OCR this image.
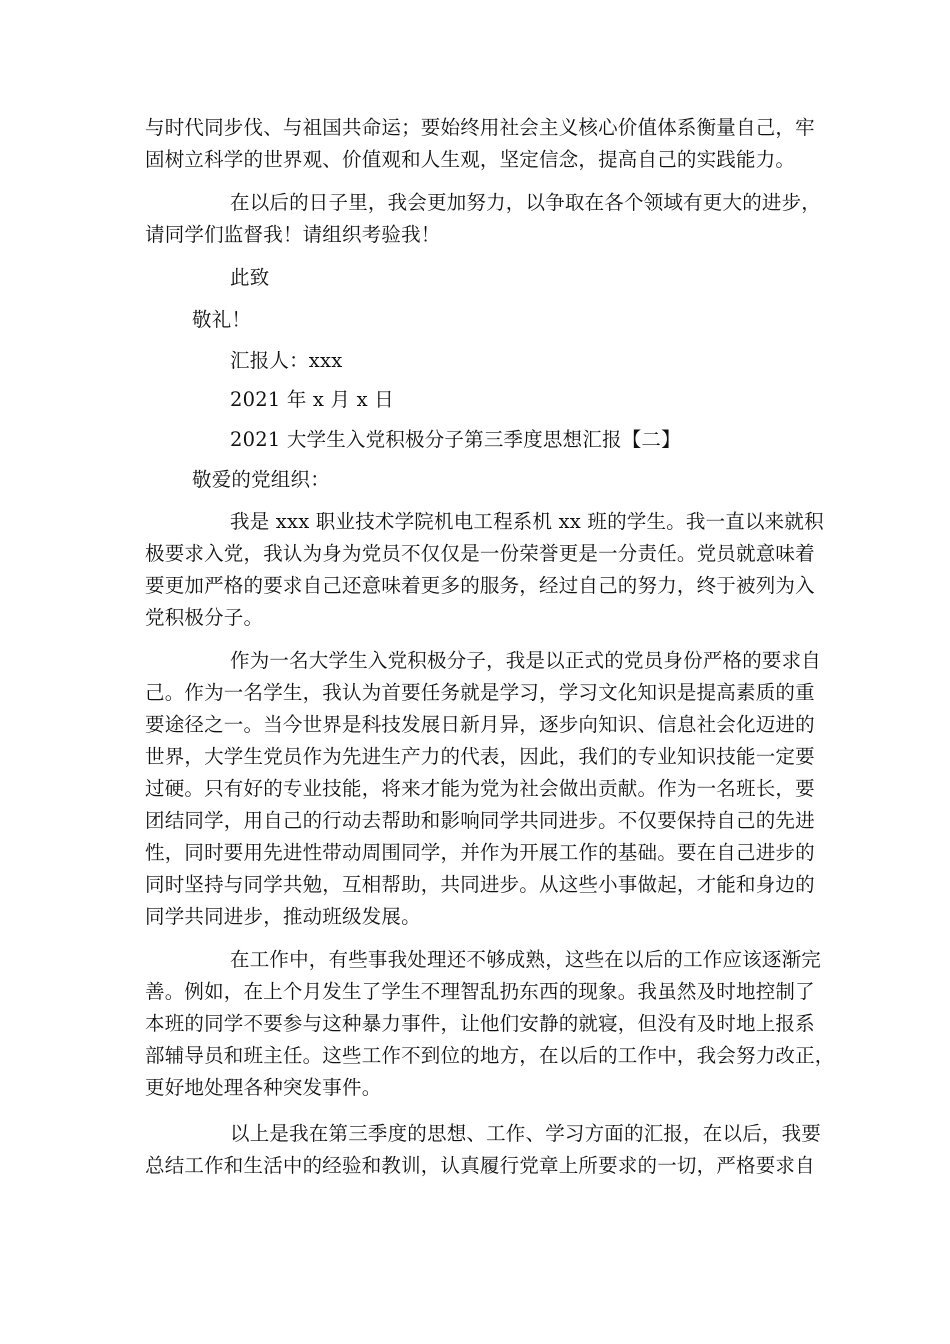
与时代同步伐、与祖国共命运；要始终用社会主义核心价值体系衡量自己，牢
固树立科学的世界观、价值观和人生观，坚定信念，提高自己的实践能力。
在以后的日子里，我会更加努力，以争取在各个领域有更大的进步，
请同学们监督我！请组织考验我！
此致
敬礼！
汇报人：xxx
2021 年 x 月 x 日
2021 大学生入党积极分子第三季度思想汇报【二】
敬爱的党组织：
我是 xxx 职业技术学院机电工程系机 xx 班的学生。我一直以来就积
极要求入党，我认为身为党员不仅仅是一份荣誉更是一分责任。党员就意味着
要更加严格的要求自己还意味着更多的服务，经过自己的努力，终于被列为入
党积极分子。
作为一名大学生入党积极分子，我是以正式的党员身份严格的要求自
己。作为一名学生，我认为首要任务就是学习，学习文化知识是提高素质的重
要途径之一。当今世界是科技发展日新月异，逐步向知识、信息社会化迈进的
世界，大学生党员作为先进生产力的代表，因此，我们的专业知识技能一定要
过硬。只有好的专业技能，将来才能为党为社会做出贡献。作为一名班长，要
团结同学，用自己的行动去帮助和影响同学共同进步。不仅要保持自己的先进
性，同时要用先进性带动周围同学，并作为开展工作的基础。要在自己进步的
同时坚持与同学共勉，互相帮助，共同进步。从这些小事做起，才能和身边的
同学共同进步，推动班级发展。
在工作中，有些事我处理还不够成熟，这些在以后的工作应该逐渐完
善。例如，在上个月发生了学生不理智乱扔东西的现象。我虽然及时地控制了
本班的同学不要参与这种暴力事件，让他们安静的就寝，但没有及时地上报系
部辅导员和班主任。这些工作不到位的地方，在以后的工作中，我会努力改正，
更好地处理各种突发事件。
以上是我在第三季度的思想、工作、学习方面的汇报，在以后，我要
总结工作和生活中的经验和教训，认真履行党章上所要求的一切，严格要求自
